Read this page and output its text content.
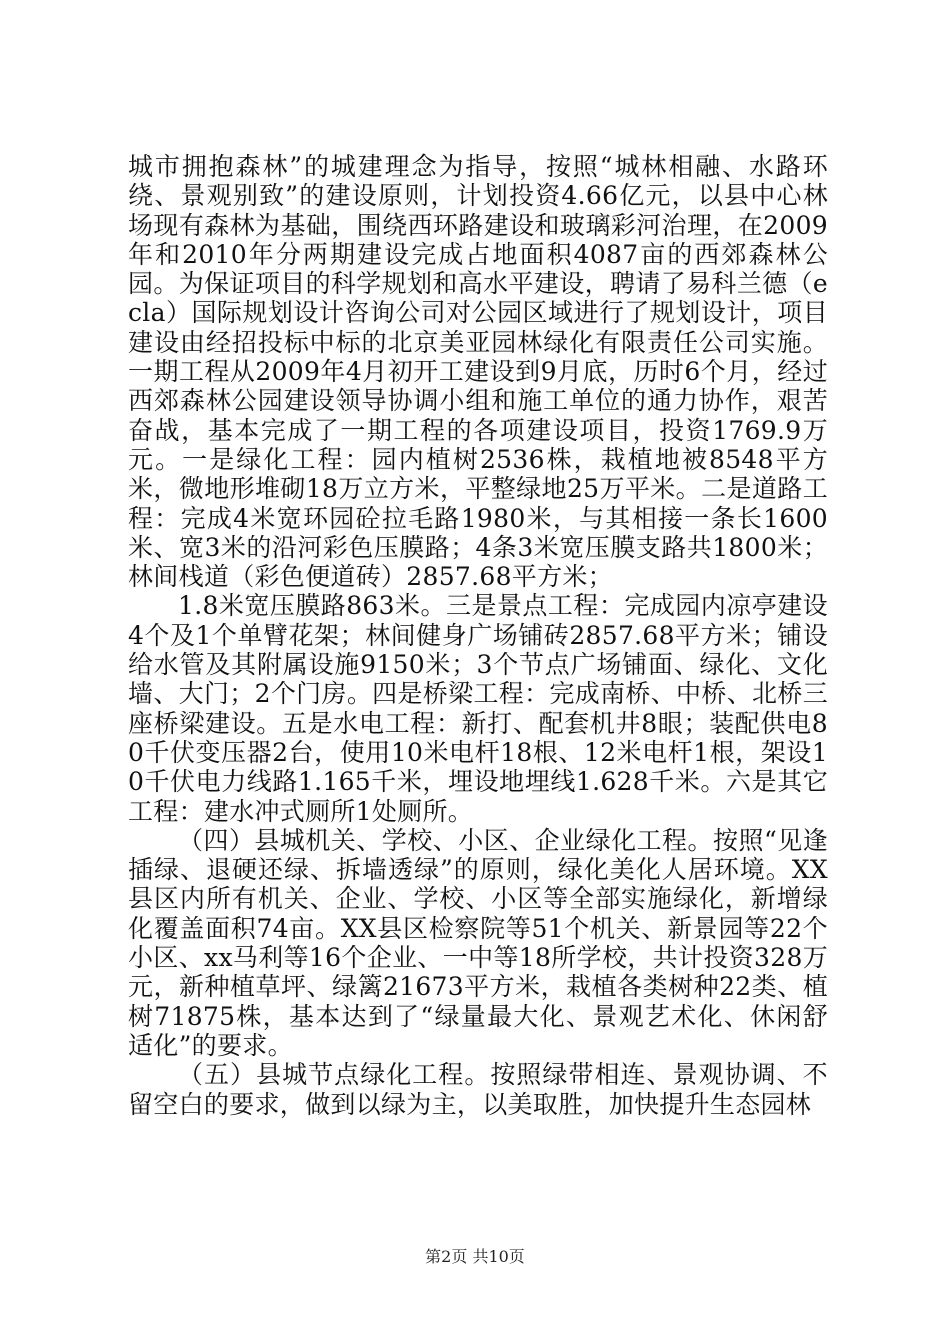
城市拥抱森林”的城建理念为指导，按照“城林相融、水路环绕、景观别致”的建设原则，计划投资4.66亿元，以县中心林场现有森林为基础，围绕西环路建设和玻璃彩河治理，在2009年和2010年分两期建设完成占地面积4087亩的西郊森林公园。为保证项目的科学规划和高水平建设，聘请了易科兰德（ecla）国际规划设计咨询公司对公园区域进行了规划设计，项目建设由经招投标中标的北京美亚园林绿化有限责任公司实施。一期工程从2009年4月初开工建设到9月底，历时6个月，经过西郊森林公园建设领导协调小组和施工单位的通力协作，艰苦奋战，基本完成了一期工程的各项建设项目，投资1769.9万元。一是绿化工程：园内植树2536株，栽植地被8548平方米，微地形堆砌18万立方米，平整绿地25万平米。二是道路工程：完成4米宽环园砼拉毛路1980米，与其相接一条长1600米、宽3米的沿河彩色压膜路；4条3米宽压膜支路共1800米；林间栈道（彩色便道砖）2857.68平方米；

1.8米宽压膜路863米。三是景点工程：完成园内凉亭建设4个及1个单臂花架；林间健身广场铺砖2857.68平方米；铺设给水管及其附属设施9150米；3个节点广场铺面、绿化、文化墙、大门；2个门房。四是桥梁工程：完成南桥、中桥、北桥三座桥梁建设。五是水电工程：新打、配套机井8眼；装配供电80千伏变压器2台，使用10米电杆18根、12米电杆1根，架设10千伏电力线路1.165千米，埋设地埋线1.628千米。六是其它工程：建水冲式厕所1处厕所。

（四）县城机关、学校、小区、企业绿化工程。按照“见逢插绿、退硬还绿、拆墙透绿”的原则，绿化美化人居环境。XX县区内所有机关、企业、学校、小区等全部实施绿化，新增绿化覆盖面积74亩。XX县区检察院等51个机关、新景园等22个小区、xx马利等16个企业、一中等18所学校，共计投资328万元，新种植草坪、绿篱21673平方米，栽植各类树种22类、植树71875株，基本达到了“绿量最大化、景观艺术化、休闲舒适化”的要求。

（五）县城节点绿化工程。按照绿带相连、景观协调、不留空白的要求，做到以绿为主，以美取胜，加快提升生态园林

第2页 共10页
